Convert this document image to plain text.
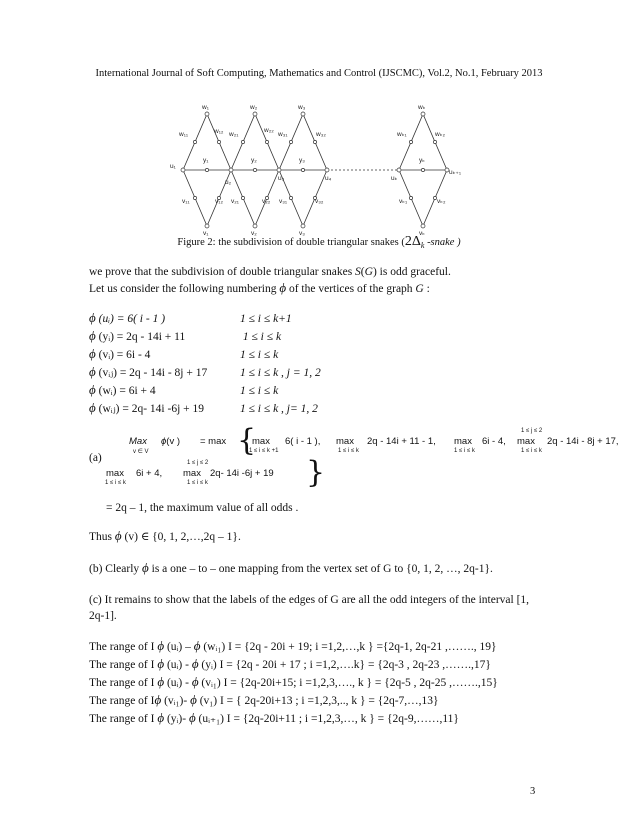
International Journal of Soft Computing, Mathematics and Control (IJSCMC), Vol.2, No.1, February 2013
w₁	w₂	w₃	wₖ
w₁₁	w₁₂ w₂₁
w₂₂
w₃₁	w₃₂	wₖ₁	wₖ₂
u₁
u₂
u₃	u₄	uₖ
uₖ₊₁
y₁	y₂	y₃	yₖ
v₁₁	v₁₂ v₂₁	v₂₂ v₃₁	v₃₂	vₖ₁	vₖ₂
v₁	v₂	v₃	vₖ
Figure 2: the subdivision of double triangular snakes ($2\Delta_k$ -snake )
we prove that the subdivision of double triangular snakes S(G) is odd graceful.
Let us consider the following numbering ϕ of the vertices of the graph G :
ϕ (uᵢ) = 6( i - 1 )	1 ≤ i ≤ k+1
ϕ (yᵢ) = 2q - 14i + 11	1 ≤ i ≤ k
ϕ (vᵢ) = 6i - 4	1 ≤ i ≤ k
ϕ (vᵢⱼ) = 2q - 14i - 8j + 17	1 ≤ i ≤ k , j = 1, 2
ϕ (wᵢ) = 6i + 4	1 ≤ i ≤ k
ϕ (wᵢⱼ) = 2q- 14i -6j + 19	1 ≤ i ≤ k , j= 1, 2
(a)
Max
v ∈ V
ϕ(v ) = max {
max
1 ≤ i ≤ k +1
6( i - 1 ), max
1 ≤ i ≤ k
2q - 14i + 11 - 1, max
1 ≤ i ≤ k
6i - 4,
1 ≤ j ≤ 2
max
1 ≤ i ≤ k
2q - 14i - 8j + 17,
max
1 ≤ i ≤ k
6i + 4,
1 ≤ j ≤ 2
max
1 ≤ i ≤ k
2q- 14i -6j + 19 }
= 2q – 1, the maximum value of all odds .
Thus ϕ (v) ∈ {0, 1, 2,…,2q – 1}.
(b) Clearly ϕ is a one – to – one mapping from the vertex set of G to {0, 1, 2, …, 2q-1}.
(c) It remains to show that the labels of the edges of G are all the odd integers of the interval [1,
2q-1].
The range of I ϕ (uᵢ) – ϕ (wᵢ₁) I = {2q - 20i + 19; i =1,2,…,k } ={2q-1, 2q-21 ,……., 19}
The range of I ϕ (uᵢ) - ϕ (yᵢ) I = {2q - 20i + 17 ; i =1,2,….k} = {2q-3 , 2q-23 ,…….,17}
The range of I ϕ (uᵢ) - ϕ (vᵢ₁) I = {2q-20i+15; i =1,2,3,…., k } = {2q-5 , 2q-25 ,…….,15}
The range of Iϕ (vᵢ₁)- ϕ (v₁) I = { 2q-20i+13 ; i =1,2,3,.., k } = {2q-7,…,13}
The range of I ϕ (yᵢ)- ϕ (uᵢ₊₁) I = {2q-20i+11 ; i =1,2,3,…, k } = {2q-9,……,11}
3
